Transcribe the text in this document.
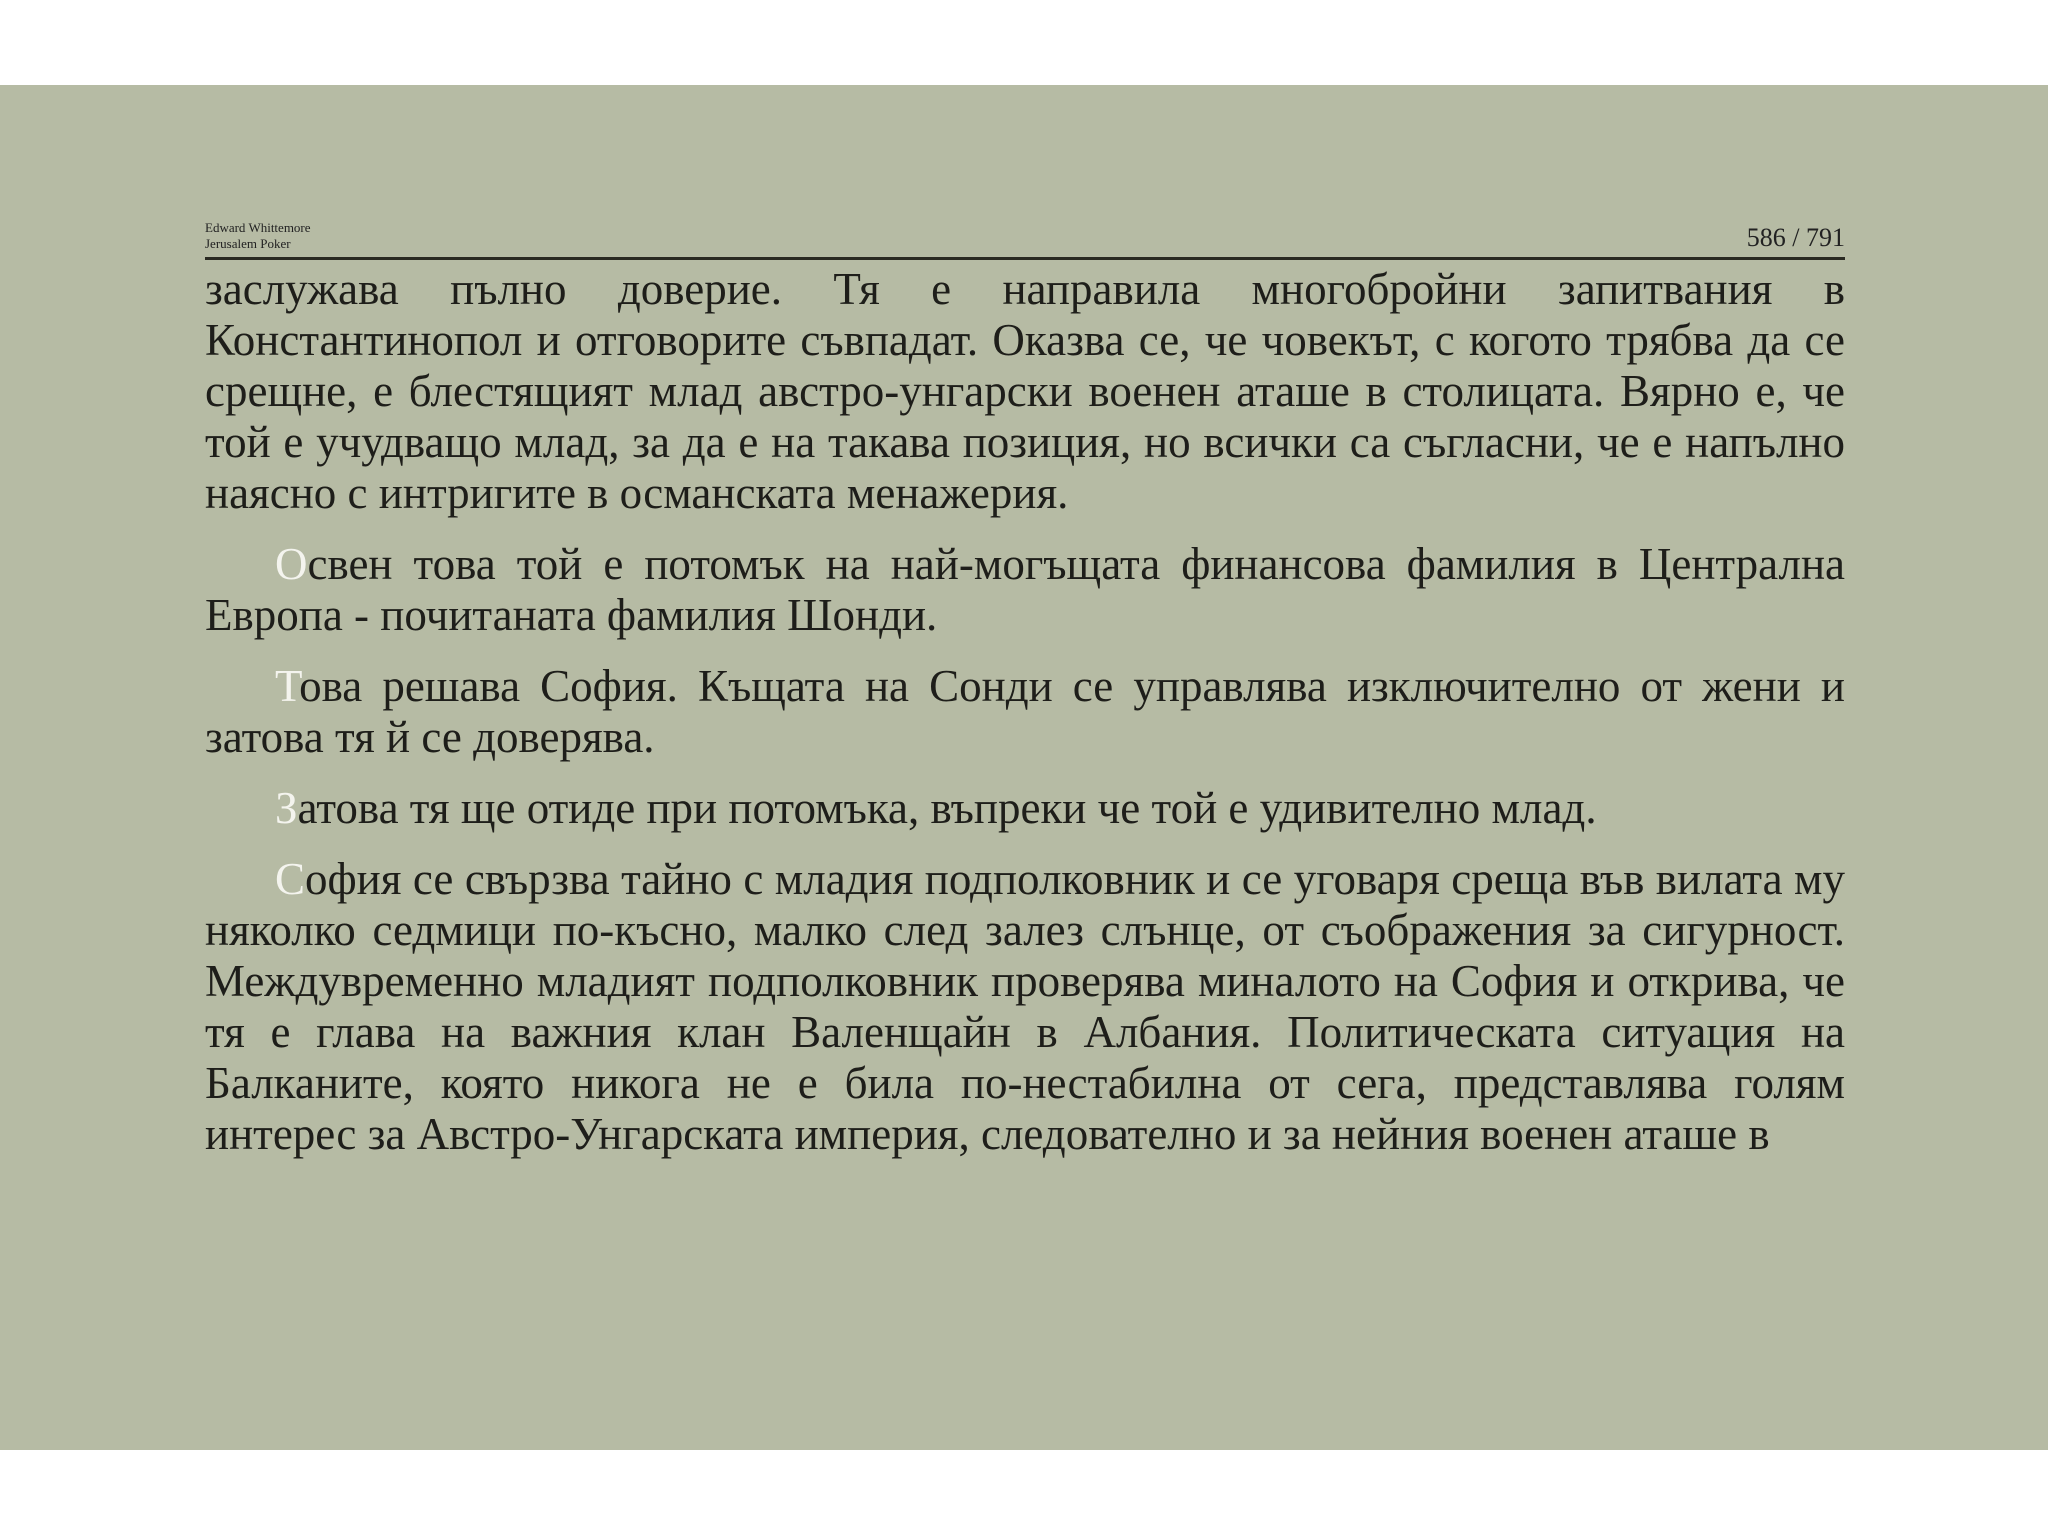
Edward Whittemore
Jerusalem Poker	586 / 791

заслужава пълно доверие. Тя е направила многобройни запитвания в Константинопол и отговорите съвпадат. Оказва се, че човекът, с когото трябва да се срещне, е блестящият млад австро-унгарски военен аташе в столицата. Вярно е, че той е учудващо млад, за да е на такава позиция, но всички са съгласни, че е напълно наясно с интригите в османската менажерия.

Освен това той е потомък на най-могъщата финансова фамилия в Централна Европа - почитаната фамилия Шонди.

Това решава София. Къщата на Сонди се управлява изключително от жени и затова тя й се доверява.

Затова тя ще отиде при потомъка, въпреки че той е удивително млад.

София се свързва тайно с младия подполковник и се уговаря среща във вилата му няколко седмици по-късно, малко след залез слънце, от съображения за сигурност. Междувременно младият подполковник проверява миналото на София и открива, че тя е глава на важния клан Валенщайн в Албания. Политическата ситуация на Балканите, която никога не е била по-нестабилна от сега, представлява голям интерес за Австро-Унгарската империя, следователно и за нейния военен аташе в
